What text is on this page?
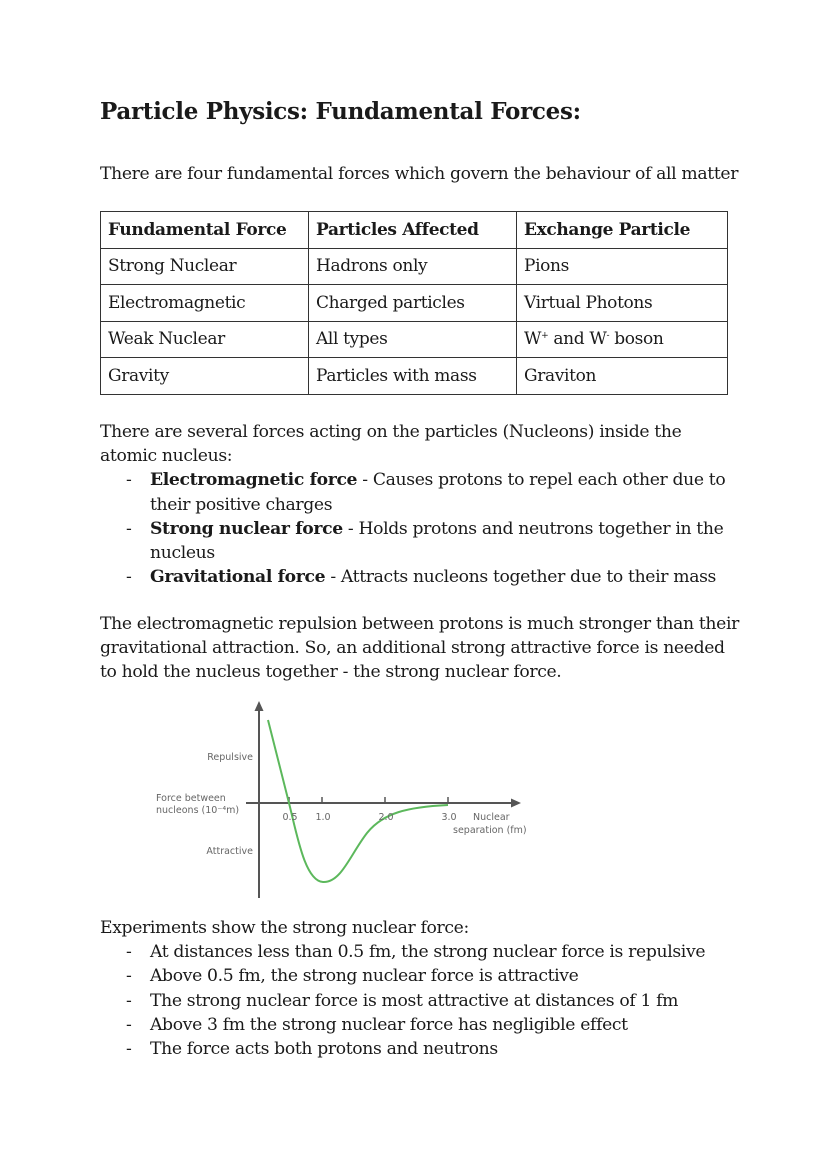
Particle Physics: Fundamental Forces:

There are four fundamental forces which govern the behaviour of all matter

Fundamental Force	Particles Affected	Exchange Particle
Strong Nuclear	Hadrons only	Pions
Electromagnetic	Charged particles	Virtual Photons
Weak Nuclear	All types	W+ and W- boson
Gravity	Particles with mass	Graviton

There are several forces acting on the particles (Nucleons) inside the atomic nucleus:

- Electromagnetic force - Causes protons to repel each other due to their positive charges
- Strong nuclear force - Holds protons and neutrons together in the nucleus
- Gravitational force - Attracts nucleons together due to their mass

The electromagnetic repulsion between protons is much stronger than their gravitational attraction. So, an additional strong attractive force is needed to hold the nucleus together - the strong nuclear force.

Experiments show the strong nuclear force:

- At distances less than 0.5 fm, the strong nuclear force is repulsive
- Above 0.5 fm, the strong nuclear force is attractive
- The strong nuclear force is most attractive at distances of 1 fm
- Above 3 fm the strong nuclear force has negligible effect
- The force acts both protons and neutrons
Repulsive
Force between
nucleons (10⁻⁴m)
Attractive
0.5 1.0	2.0	3.0 Nuclear
separation (fm)
